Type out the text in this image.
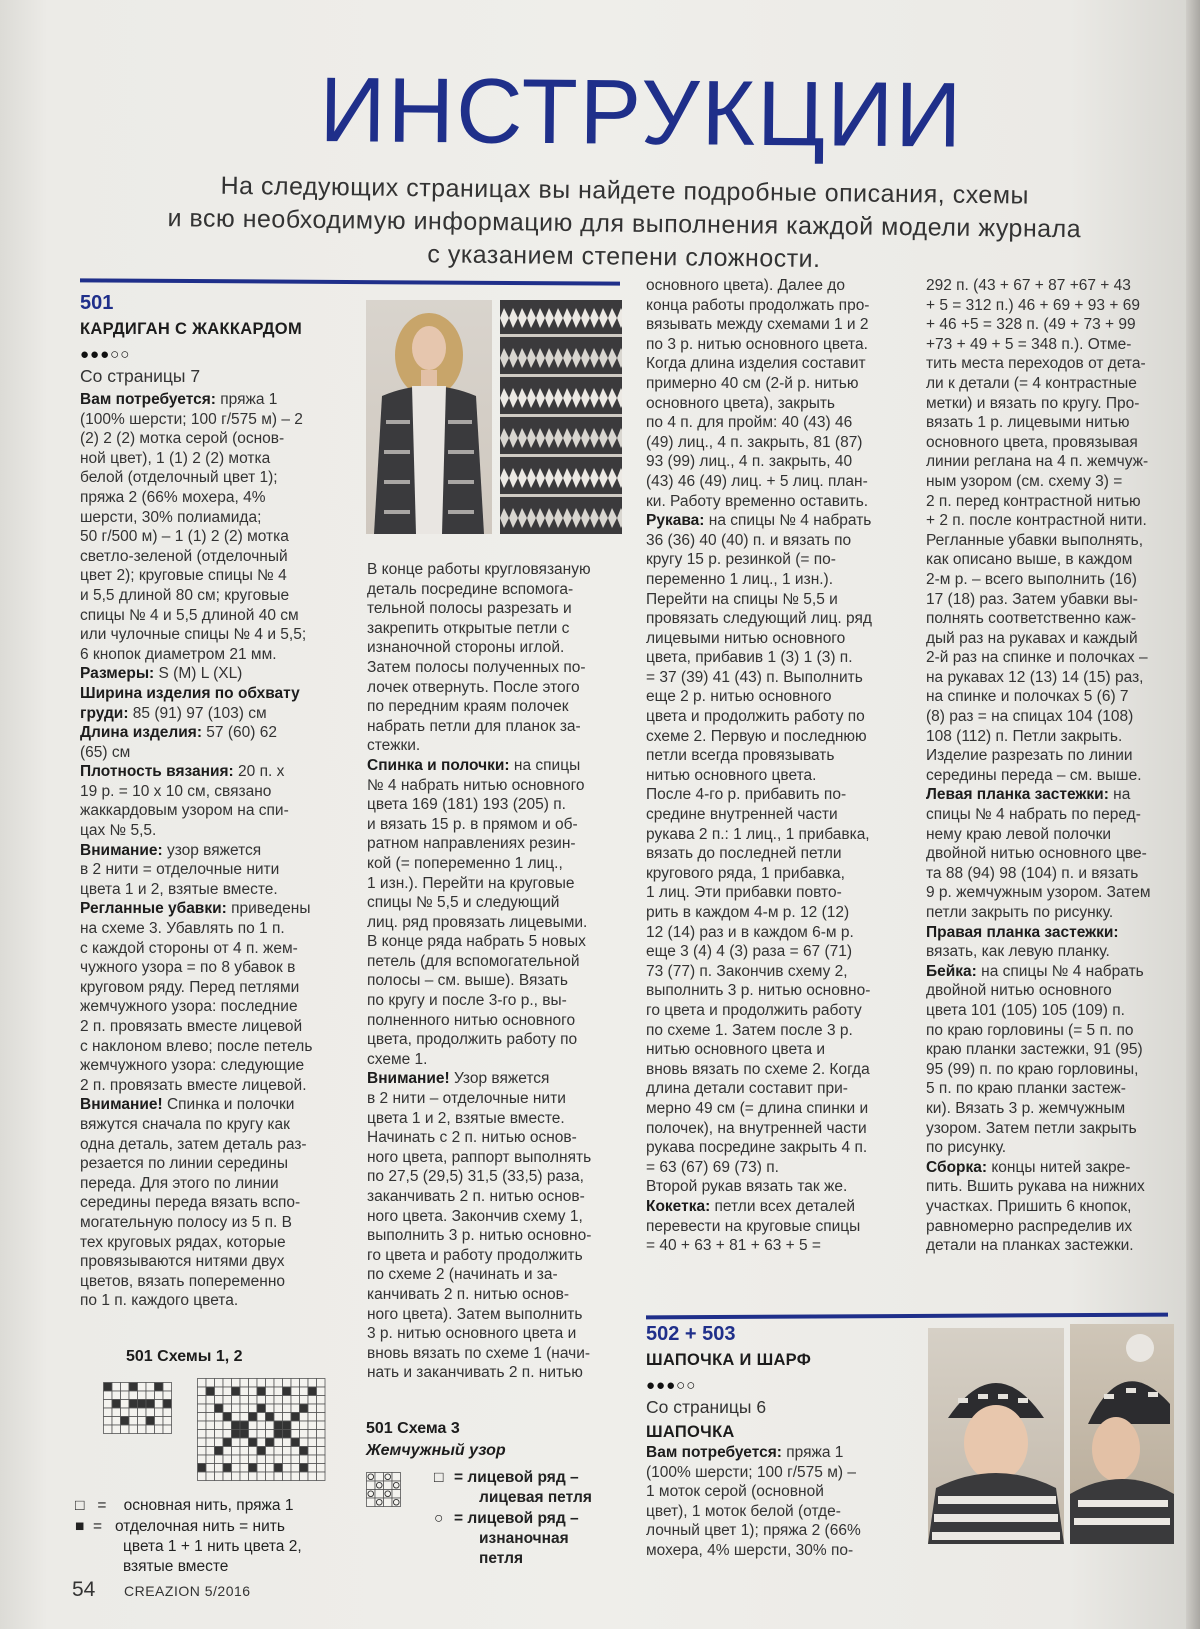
ИНСТРУКЦИИ
На следующих страницах вы найдете подробные описания, схемы
и всю необходимую информацию для выполнения каждой модели журнала
с указанием степени сложности.
501
КАРДИГАН С ЖАККАРДОМ
●●●○○
Со страницы 7

Вам потребуется: пряжа 1

(100% шерсти; 100 г/575 м) – 2

(2) 2 (2) мотка серой (основ-

ной цвет), 1 (1) 2 (2) мотка

белой (отделочный цвет 1);

пряжа 2 (66% мохера, 4%

шерсти, 30% полиамида;

50 г/500 м) – 1 (1) 2 (2) мотка

светло-зеленой (отделочный

цвет 2); круговые спицы № 4

и 5,5 длиной 80 см; круговые

спицы № 4 и 5,5 длиной 40 см

или чулочные спицы № 4 и 5,5;

6 кнопок диаметром 21 мм.

Размеры: S (M) L (XL)

Ширина изделия по обхвату

груди: 85 (91) 97 (103) см

Длина изделия: 57 (60) 62

(65) см

Плотность вязания: 20 п. х

19 р. = 10 х 10 см, связано

жаккардовым узором на спи-

цах № 5,5.

Внимание: узор вяжется

в 2 нити = отделочные нити

цвета 1 и 2, взятые вместе.

Регланные убавки: приведены

на схеме 3. Убавлять по 1 п.

с каждой стороны от 4 п. жем-

чужного узора = по 8 убавок в

круговом ряду. Перед петлями

жемчужного узора: последние

2 п. провязать вместе лицевой

с наклоном влево; после петель

жемчужного узора: следующие

2 п. провязать вместе лицевой.

Внимание! Спинка и полочки

вяжутся сначала по кругу как

одна деталь, затем деталь раз-

резается по линии середины

переда. Для этого по линии

середины переда вязать вспо-

могательную полосу из 5 п. В

тех круговых рядах, которые

провязываются нитями двух

цветов, вязать попеременно

по 1 п. каждого цвета.

501 Схемы 1, 2
□ = основная нить, пряжа 1
■ = отделочная нить = нить
цвета 1 + 1 нить цвета 2,
взятые вместе

В конце работы кругловязаную

деталь посредине вспомога-

тельной полосы разрезать и

закрепить открытые петли с

изнаночной стороны иглой.

Затем полосы полученных по-

лочек отвернуть. После этого

по передним краям полочек

набрать петли для планок за-

стежки.

Спинка и полочки: на спицы

№ 4 набрать нитью основного

цвета 169 (181) 193 (205) п.

и вязать 15 р. в прямом и об-

ратном направлениях резин-

кой (= попеременно 1 лиц.,

1 изн.). Перейти на круговые

спицы № 5,5 и следующий

лиц. ряд провязать лицевыми.

В конце ряда набрать 5 новых

петель (для вспомогательной

полосы – см. выше). Вязать

по кругу и после 3-го р., вы-

полненного нитью основного

цвета, продолжить работу по

схеме 1.

Внимание! Узор вяжется

в 2 нити – отделочные нити

цвета 1 и 2, взятые вместе.

Начинать с 2 п. нитью основ-

ного цвета, раппорт выполнять

по 27,5 (29,5) 31,5 (33,5) раза,

заканчивать 2 п. нитью основ-

ного цвета. Закончив схему 1,

выполнить 3 р. нитью основно-

го цвета и работу продолжить

по схеме 2 (начинать и за-

канчивать 2 п. нитью основ-

ного цвета). Затем выполнить

3 р. нитью основного цвета и

вновь вязать по схеме 1 (начи-

нать и заканчивать 2 п. нитью

501 Схема 3
Жемчужный узор
□ = лицевой ряд –
лицевая петля
○ = лицевой ряд –
изнаночная
петля

основного цвета). Далее до

конца работы продолжать про-

вязывать между схемами 1 и 2

по 3 р. нитью основного цвета.

Когда длина изделия составит

примерно 40 см (2-й р. нитью

основного цвета), закрыть

по 4 п. для пройм: 40 (43) 46

(49) лиц., 4 п. закрыть, 81 (87)

93 (99) лиц., 4 п. закрыть, 40

(43) 46 (49) лиц. + 5 лиц. план-

ки. Работу временно оставить.

Рукава: на спицы № 4 набрать

36 (36) 40 (40) п. и вязать по

кругу 15 р. резинкой (= по-

переменно 1 лиц., 1 изн.).

Перейти на спицы № 5,5 и

провязать следующий лиц. ряд

лицевыми нитью основного

цвета, прибавив 1 (3) 1 (3) п.

= 37 (39) 41 (43) п. Выполнить

еще 2 р. нитью основного

цвета и продолжить работу по

схеме 2. Первую и последнюю

петли всегда провязывать

нитью основного цвета.

После 4-го р. прибавить по-

средине внутренней части

рукава 2 п.: 1 лиц., 1 прибавка,

вязать до последней петли

кругового ряда, 1 прибавка,

1 лиц. Эти прибавки повто-

рить в каждом 4-м р. 12 (12)

12 (14) раз и в каждом 6-м р.

еще 3 (4) 4 (3) раза = 67 (71)

73 (77) п. Закончив схему 2,

выполнить 3 р. нитью основно-

го цвета и продолжить работу

по схеме 1. Затем после 3 р.

нитью основного цвета и

вновь вязать по схеме 2. Когда

длина детали составит при-

мерно 49 см (= длина спинки и

полочек), на внутренней части

рукава посредине закрыть 4 п.

= 63 (67) 69 (73) п.

Второй рукав вязать так же.

Кокетка: петли всех деталей

перевести на круговые спицы

= 40 + 63 + 81 + 63 + 5 =

292 п. (43 + 67 + 87 +67 + 43

+ 5 = 312 п.) 46 + 69 + 93 + 69

+ 46 +5 = 328 п. (49 + 73 + 99

+73 + 49 + 5 = 348 п.). Отме-

тить места переходов от дета-

ли к детали (= 4 контрастные

метки) и вязать по кругу. Про-

вязать 1 р. лицевыми нитью

основного цвета, провязывая

линии реглана на 4 п. жемчуж-

ным узором (см. схему 3) =

2 п. перед контрастной нитью

+ 2 п. после контрастной нити.

Регланные убавки выполнять,

как описано выше, в каждом

2-м р. – всего выполнить (16)

17 (18) раз. Затем убавки вы-

полнять соответственно каж-

дый раз на рукавах и каждый

2-й раз на спинке и полочках –

на рукавах 12 (13) 14 (15) раз,

на спинке и полочках 5 (6) 7

(8) раз = на спицах 104 (108)

108 (112) п. Петли закрыть.

Изделие разрезать по линии

середины переда – см. выше.

Левая планка застежки: на

спицы № 4 набрать по перед-

нему краю левой полочки

двойной нитью основного цве-

та 88 (94) 98 (104) п. и вязать

9 р. жемчужным узором. Затем

петли закрыть по рисунку.

Правая планка застежки:

вязать, как левую планку.

Бейка: на спицы № 4 набрать

двойной нитью основного

цвета 101 (105) 105 (109) п.

по краю горловины (= 5 п. по

краю планки застежки, 91 (95)

95 (99) п. по краю горловины,

5 п. по краю планки застеж-

ки). Вязать 3 р. жемчужным

узором. Затем петли закрыть

по рисунку.

Сборка: концы нитей закре-

пить. Вшить рукава на нижних

участках. Пришить 6 кнопок,

равномерно распределив их

детали на планках застежки.

502 + 503
ШАПОЧКА И ШАРФ
●●●○○
Со страницы 6
ШАПОЧКА

Вам потребуется: пряжа 1

(100% шерсти; 100 г/575 м) –

1 моток серой (основной

цвет), 1 моток белой (отде-

лочный цвет 1); пряжа 2 (66%

мохера, 4% шерсти, 30% по-

54 CREAZION 5/2016
